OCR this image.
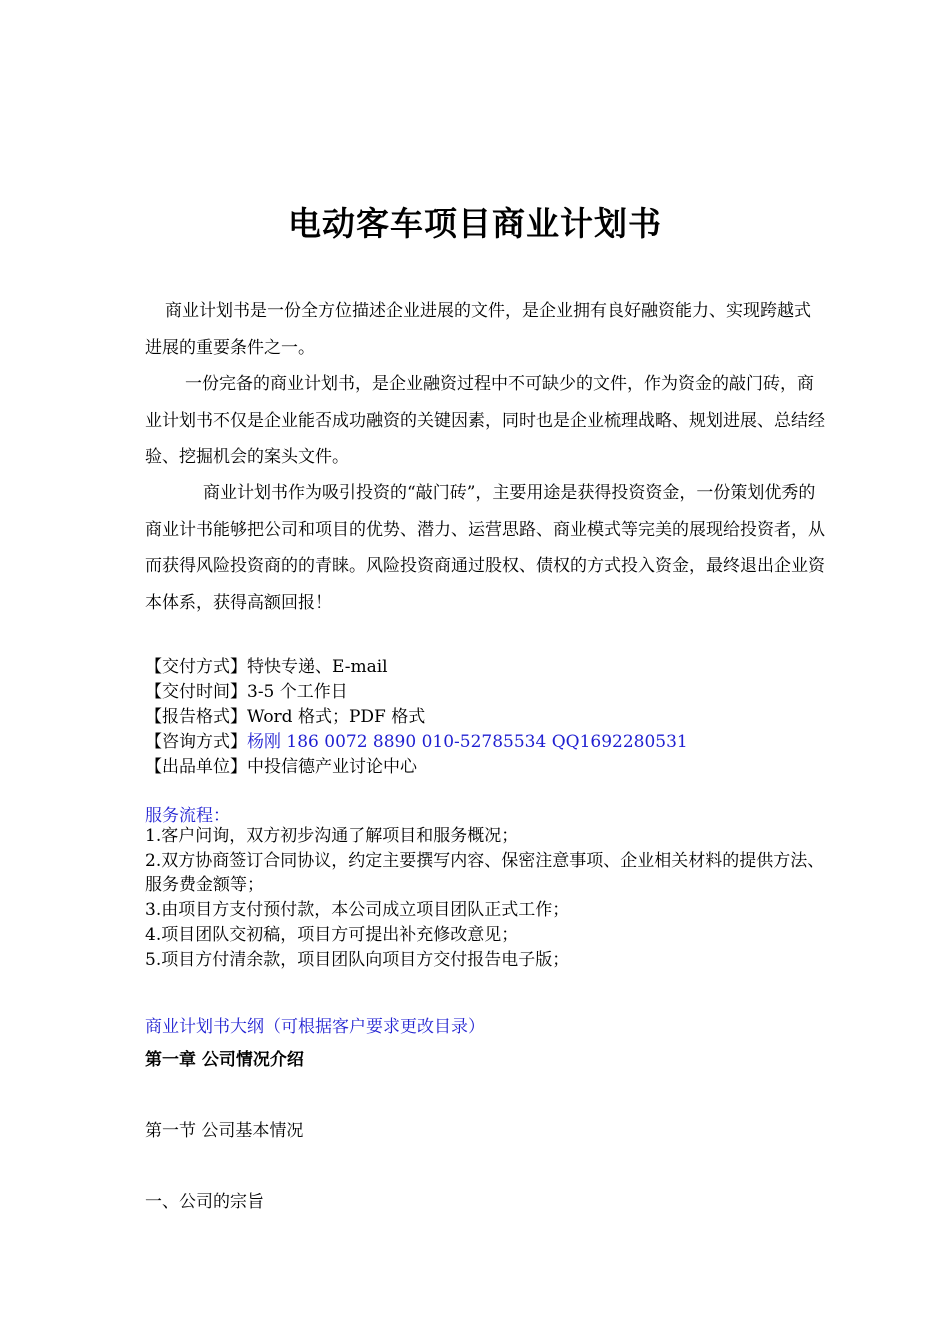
电动客车项目商业计划书
商业计划书是一份全方位描述企业进展的文件，是企业拥有良好融资能力、实现跨越式进展的重要条件之一。
一份完备的商业计划书，是企业融资过程中不可缺少的文件，作为资金的敲门砖，商业计划书不仅是企业能否成功融资的关键因素，同时也是企业梳理战略、规划进展、总结经验、挖掘机会的案头文件。
商业计划书作为吸引投资的“敲门砖”，主要用途是获得投资资金，一份策划优秀的商业计书能够把公司和项目的优势、潜力、运营思路、商业模式等完美的展现给投资者，从而获得风险投资商的的青睐。风险投资商通过股权、债权的方式投入资金，最终退出企业资本体系，获得高额回报！
【交付方式】特快专递、E-mail
【交付时间】3-5 个工作日
【报告格式】Word 格式；PDF 格式
【咨询方式】杨刚 186 0072 8890 010-52785534 QQ1692280531
【出品单位】中投信德产业讨论中心
服务流程：
1.客户问询，双方初步沟通了解项目和服务概况；
2.双方协商签订合同协议，约定主要撰写内容、保密注意事项、企业相关材料的提供方法、服务费金额等；
3.由项目方支付预付款，本公司成立项目团队正式工作；
4.项目团队交初稿，项目方可提出补充修改意见；
5.项目方付清余款，项目团队向项目方交付报告电子版；
商业计划书大纲（可根据客户要求更改目录）
第一章 公司情况介绍
第一节 公司基本情况
一、公司的宗旨
